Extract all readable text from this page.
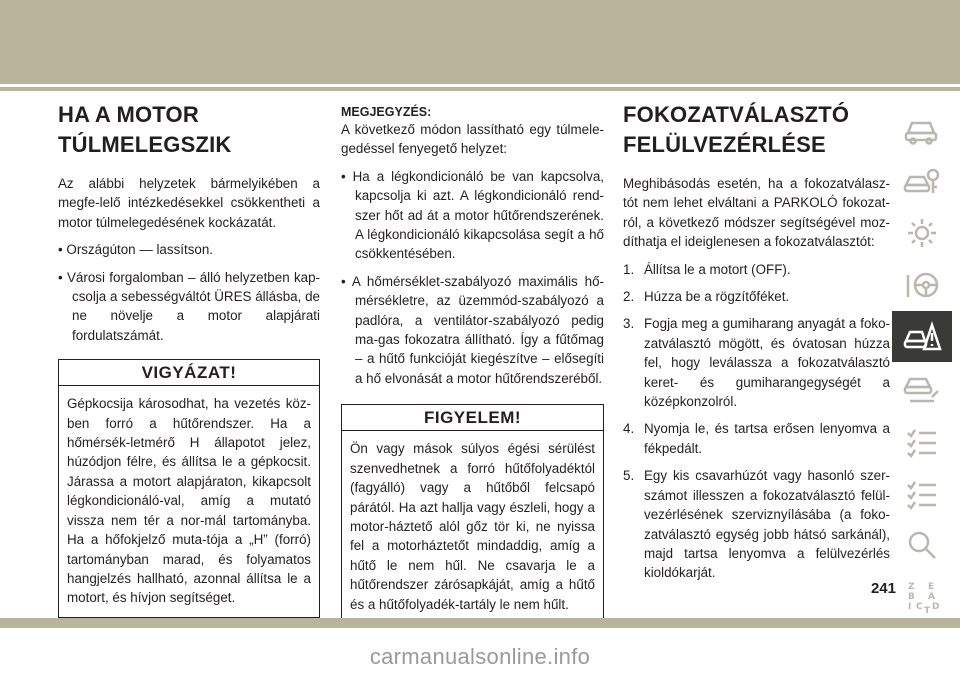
HA A MOTOR
TÚLMELEGSZIK

Az alábbi helyzetek bármelyikében a megfe-lelő intézkedésekkel csökkentheti a motor túlmelegedésének kockázatát.

• Országúton — lassítson.

• Városi forgalomban – álló helyzetben kap-csolja a sebességváltót ÜRES állásba, de ne növelje a motor alapjárati fordulatszámát.

VIGYÁZAT!
Gépkocsija károsodhat, ha vezetés köz-ben forró a hűtőrendszer. Ha a hőmérsék-letmérő H állapotot jelez, húzódjon félre, és állítsa le a gépkocsit. Járassa a motort alapjáraton, kikapcsolt légkondicionáló-val, amíg a mutató vissza nem tér a nor-mál tartományba. Ha a hőfokjelző muta-tója a „H” (forró) tartományban marad, és folyamatos hangjelzés hallható, azonnal állítsa le a motort, és hívjon segítséget.
MEGJEGYZÉS:

A következő módon lassítható egy túlmele-gedéssel fenyegető helyzet:

• Ha a légkondicionáló be van kapcsolva, kapcsolja ki azt. A légkondicionáló rend-szer hőt ad át a motor hűtőrendszerének. A légkondicionáló kikapcsolása segít a hő csökkentésében.

• A hőmérséklet-szabályozó maximális hő-mérsékletre, az üzemmód-szabályozó a padlóra, a ventilátor-szabályozó pedig ma-gas fokozatra állítható. Így a fűtőmag – a hűtő funkcióját kiegészítve – elősegíti a hő elvonását a motor hűtőrendszeréből.

FIGYELEM!
Ön vagy mások súlyos égési sérülést szenvedhetnek a forró hűtőfolyadéktól (fagyálló) vagy a hűtőből felcsapó párától. Ha azt hallja vagy észleli, hogy a motor-háztető alól gőz tör ki, ne nyissa fel a motorháztetőt mindaddig, amíg a hűtő le nem hűl. Ne csavarja le a hűtőrendszer zárósapkáját, amíg a hűtő és a hűtőfolyadék-tartály le nem hűlt.
FOKOZATVÁLASZTÓ
FELÜLVEZÉRLÉSE

Meghibásodás esetén, ha a fokozatválasz-tót nem lehet elváltani a PARKOLÓ fokozat-ról, a következő módszer segítségével moz-díthatja el ideiglenesen a fokozatválasztót:

1. Állítsa le a motort (OFF).
2. Húzza be a rögzítőféket.
3. Fogja meg a gumiharang anyagát a foko-zatválasztó mögött, és óvatosan húzza fel, hogy leválassza a fokozatválasztó keret- és gumiharangegységét a középkonzolról.
4. Nyomja le, és tartsa erősen lenyomva a fékpedált.
5. Egy kis csavarhúzót vagy hasonló szer-számot illesszen a fokozatválasztó felül-vezérlésének szerviznyílásába (a foko-zatválasztó egység jobb hátsó sarkánál), majd tartsa lenyomva a felülvezérlés kioldókarját.
Z E
B A
I C T D
241
carmanualsonline.info
